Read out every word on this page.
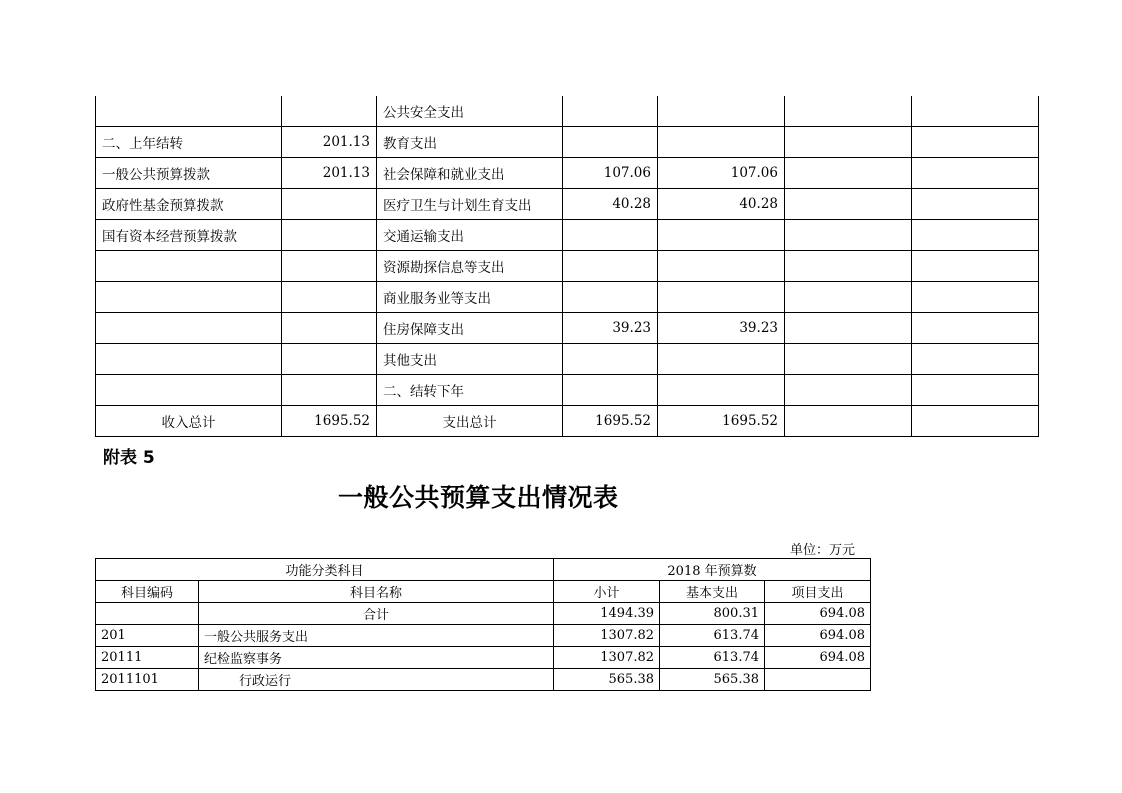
		公共安全支出				
二、上年结转	201.13	教育支出				
一般公共预算拨款	201.13	社会保障和就业支出	107.06	107.06		
政府性基金预算拨款		医疗卫生与计划生育支出	40.28	40.28		
国有资本经营预算拨款		交通运输支出				
		资源勘探信息等支出				
		商业服务业等支出				
		住房保障支出	39.23	39.23		
		其他支出				
		二、结转下年				
收入总计	1695.52	支出总计	1695.52	1695.52		
附表 5
一般公共预算支出情况表
单位：万元
功能分类科目		2018 年预算数		
科目编码	科目名称	小计	基本支出	项目支出
	合计	1494.39	800.31	694.08
201	一般公共服务支出	1307.82	613.74	694.08
20111	纪检监察事务	1307.82	613.74	694.08
2011101	行政运行	565.38	565.38	
